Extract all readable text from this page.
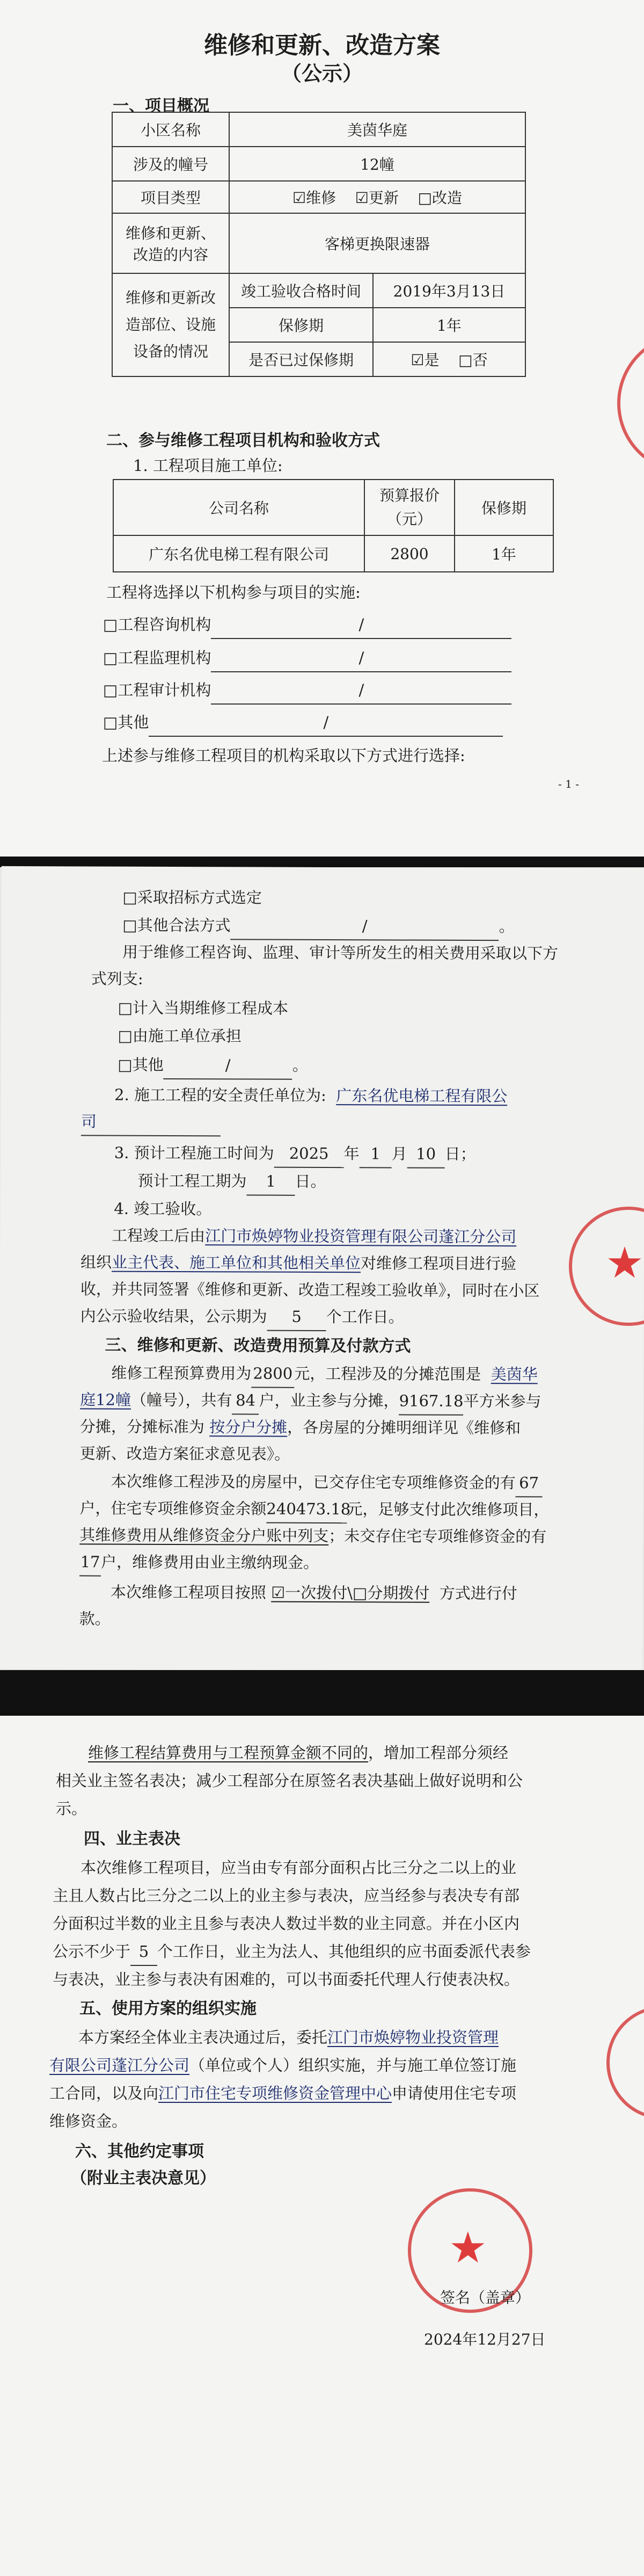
维修和更新、改造方案
（公示）
一、项目概况
小区名称	美茵华庭	
涉及的幢号	12幢	
项目类型	☑维修 ☑更新 □改造	

维修和更新、
改造的内容	客梯更换限速器	

维修和更新改
造部位、设施
设备的情况	竣工验收合格时间	2019年3月13日
	保修期	1年
	是否已过保修期	☑是 □否
二、参与维修工程项目机构和验收方式
1. 工程项目施工单位:
公司名称	预算报价
（元）	保修期
广东名优电梯工程有限公司	2800	1年
工程将选择以下机构参与项目的实施:
□工程咨询机构	/
□工程监理机构	/
□工程审计机构	/
□其他	/
上述参与维修工程项目的机构采取以下方式进行选择:
- 1 -
□采取招标方式选定
□其他合法方式	/	。
用于维修工程咨询、监理、审计等所发生的相关费用采取以下方
式列支:
□计入当期维修工程成本
□由施工单位承担
□其他	/	。
2. 施工工程的安全责任单位为: 广东名优电梯工程有限公
司
3. 预计工程施工时间为 2025 年 1 月 10 日；
预计工程工期为 1 日。
4. 竣工验收。
工程竣工后由江门市焕婷物业投资管理有限公司蓬江分公司
组织业主代表、施工单位和其他相关单位对维修工程项目进行验
收，并共同签署《维修和更新、改造工程竣工验收单》，同时在小区
内公示验收结果，公示期为 5 个工作日。
三、维修和更新、改造费用预算及付款方式
维修工程预算费用为 2800 元，工程涉及的分摊范围是 美茵华
庭12幢（幢号），共有 84 户，业主参与分摊，9167.18平方米参与
分摊，分摊标准为 按分户分摊，各房屋的分摊明细详见《维修和
更新、改造方案征求意见表》。
本次维修工程涉及的房屋中，已交存住宅专项维修资金的有 67
户，住宅专项维修资金余额240473.18元，足够支付此次维修项目，
其维修费用从维修资金分户账中列支；未交存住宅专项维修资金的有
17户，维修费用由业主缴纳现金。
本次维修工程项目按照 ☑一次拨付\□分期拨付 方式进行付
款。
★
维修工程结算费用与工程预算金额不同的，增加工程部分须经
相关业主签名表决；减少工程部分在原签名表决基础上做好说明和公
示。
四、业主表决
本次维修工程项目，应当由专有部分面积占比三分之二以上的业
主且人数占比三分之二以上的业主参与表决，应当经参与表决专有部
分面积过半数的业主且参与表决人数过半数的业主同意。并在小区内
公示不少于 5 个工作日，业主为法人、其他组织的应书面委派代表参
与表决，业主参与表决有困难的，可以书面委托代理人行使表决权。
五、使用方案的组织实施
本方案经全体业主表决通过后，委托江门市焕婷物业投资管理
有限公司蓬江分公司（单位或个人）组织实施，并与施工单位签订施
工合同，以及向江门市住宅专项维修资金管理中心申请使用住宅专项
维修资金。
六、其他约定事项
（附业主表决意见）
★
签名（盖章）
2024年12月27日
